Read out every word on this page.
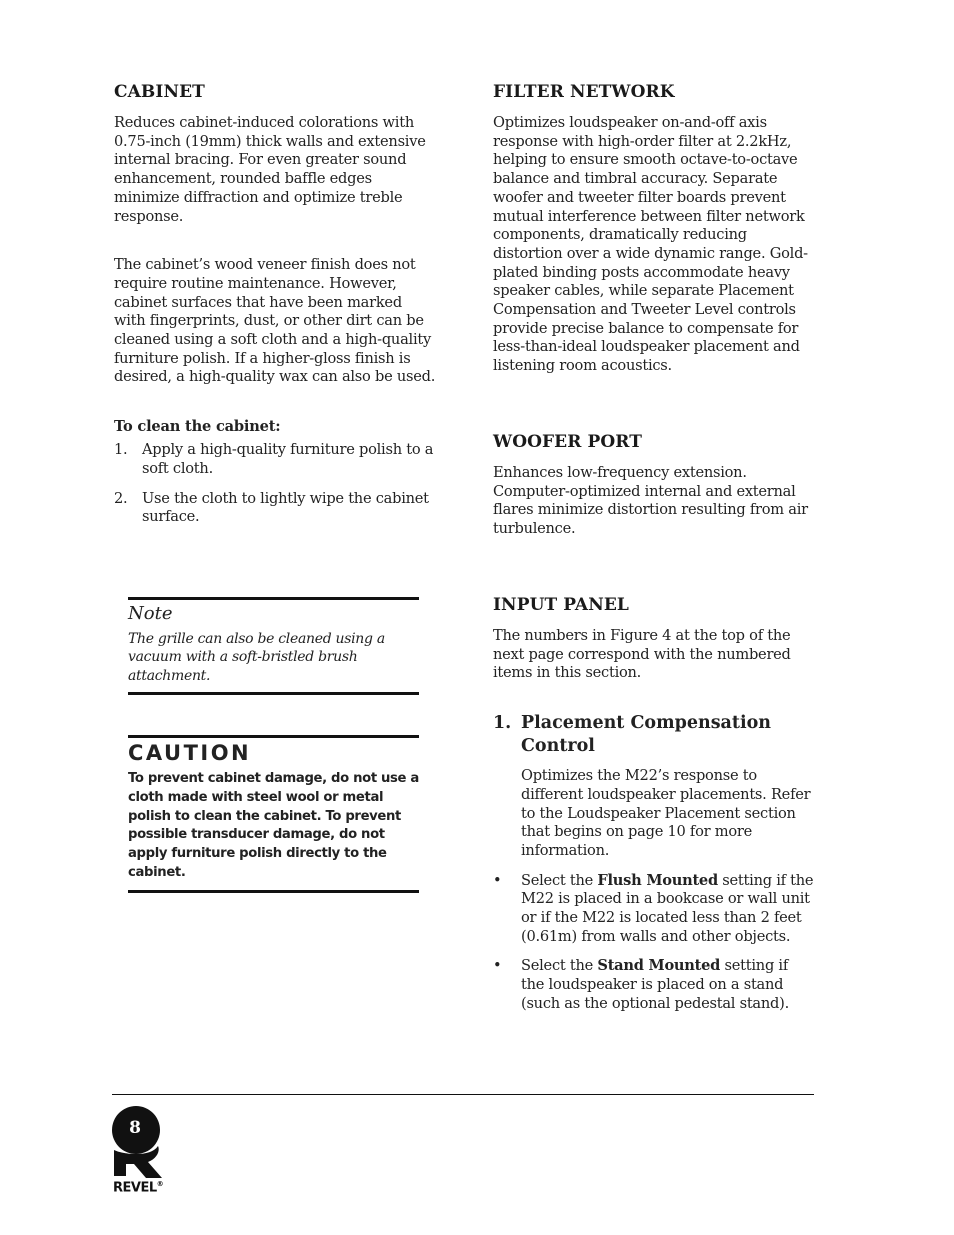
CABINET

Reduces cabinet-induced colorations with 0.75-inch (19mm) thick walls and extensive internal bracing. For even greater sound enhancement, rounded baffle edges minimize diffraction and optimize treble response.

The cabinet’s wood veneer finish does not require routine maintenance. However, cabinet surfaces that have been marked with fingerprints, dust, or other dirt can be cleaned using a soft cloth and a high-quality furniture polish. If a higher-gloss finish is desired, a high-quality wax can also be used.

To clean the cabinet:

1. Apply a high-quality furniture polish to a soft cloth.
2. Use the cloth to lightly wipe the cabinet surface.

Note

The grille can also be cleaned using a vacuum with a soft-bristled brush attachment.

CAUTION

To prevent cabinet damage, do not use a cloth made with steel wool or metal polish to clean the cabinet. To prevent possible transducer damage, do not apply furniture polish directly to the cabinet.

FILTER NETWORK

Optimizes loudspeaker on-and-off axis response with high-order filter at 2.2kHz, helping to ensure smooth octave-to-octave balance and timbral accuracy. Separate woofer and tweeter filter boards prevent mutual interference between filter network components, dramatically reducing distortion over a wide dynamic range. Gold-plated binding posts accommodate heavy speaker cables, while separate Placement Compensation and Tweeter Level controls provide precise balance to compensate for less-than-ideal loudspeaker placement and listening room acoustics.

WOOFER PORT

Enhances low-frequency extension. Computer-optimized internal and external flares minimize distortion resulting from air turbulence.

INPUT PANEL

The numbers in Figure 4 at the top of the next page correspond with the numbered items in this section.

1. Placement Compensation Control

Optimizes the M22’s response to different loudspeaker placements. Refer to the Loudspeaker Placement section that begins on page 10 for more information.

• Select the Flush Mounted setting if the M22 is placed in a bookcase or wall unit or if the M22 is located less than 2 feet (0.61m) from walls and other objects.
• Select the Stand Mounted setting if the loudspeaker is placed on a stand (such as the optional pedestal stand).
8
REVEL®
